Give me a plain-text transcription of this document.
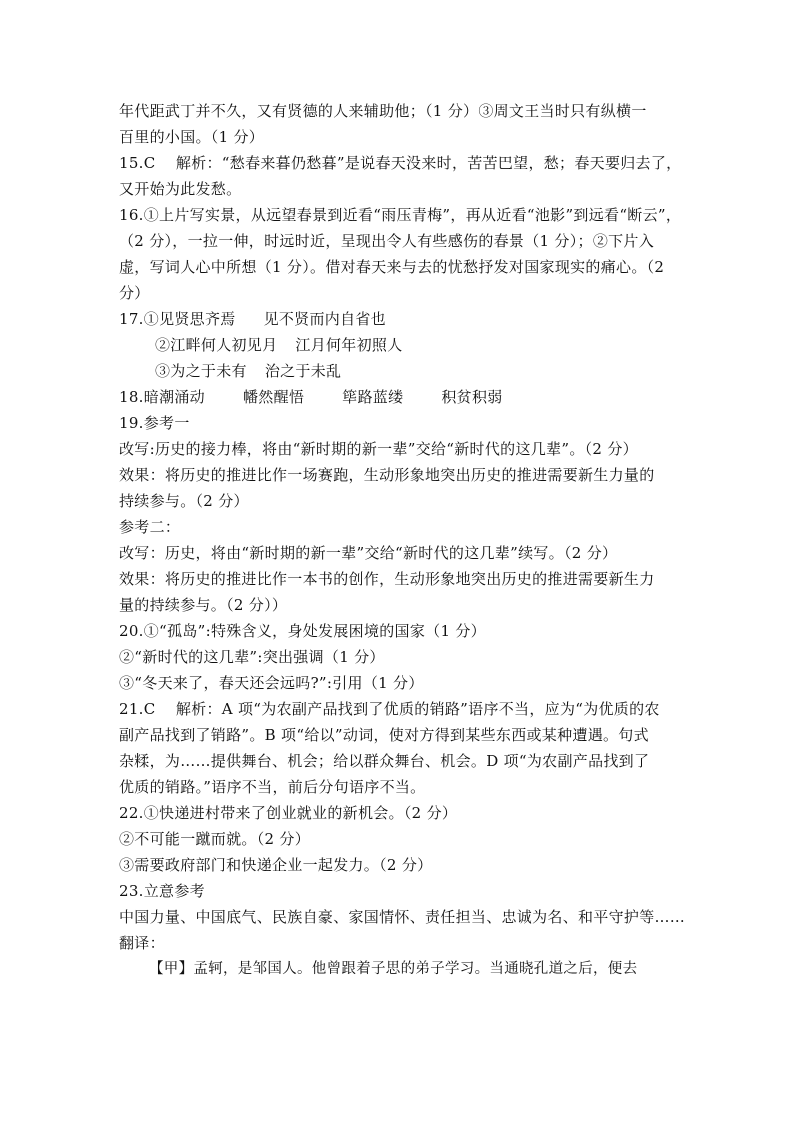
年代距武丁并不久，又有贤德的人来辅助他；（1 分）③周文王当时只有纵横一
百里的小国。（1 分）
15.C　 解析：“愁春来暮仍愁暮”是说春天没来时，苦苦巴望，愁；春天要归去了，
又开始为此发愁。
16.①上片写实景，从远望春景到近看“雨压青梅”，再从近看“池影”到远看“断云”，
（2 分），一拉一伸，时远时近，呈现出令人有些感伤的春景（1 分）；②下片入
虚，写词人心中所想（1 分）。借对春天来与去的忧愁抒发对国家现实的痛心。（2
分）
17. ①见贤思齐焉 见不贤而内自省也
②江畔何人初见月 江月何年初照人
③为之于未有 治之于未乱
18. 暗潮涌动	幡然醒悟	筚路蓝缕	积贫积弱
19.参考一
改写:历史的接力棒，将由“新时期的新一辈”交给“新时代的这几辈”。（2 分）
效果：将历史的推进比作一场赛跑，生动形象地突出历史的推进需要新生力量的
持续参与。（2 分）
参考二：
改写：历史，将由“新时期的新一辈”交给“新时代的这几辈”续写。（2 分）
效果：将历史的推进比作一本书的创作，生动形象地突出历史的推进需要新生力
量的持续参与。（2 分））
20.①“孤岛”:特殊含义，身处发展困境的国家（1 分）
②“新时代的这几辈”:突出强调（1 分）
③“冬天来了，春天还会远吗?”:引用（1 分）
21.C　 解析：A 项“为农副产品找到了优质的销路”语序不当，应为“为优质的农
副产品找到了销路”。B 项“给以”动词，使对方得到某些东西或某种遭遇。句式
杂糅，为……提供舞台、机会；给以群众舞台、机会。D 项“为农副产品找到了
优质的销路。”语序不当，前后分句语序不当。
22.①快递进村带来了创业就业的新机会。（2 分）
②不可能一蹴而就。（2 分）
③需要政府部门和快递企业一起发力。（2 分）
23.立意参考
中国力量、中国底气、民族自豪、家国情怀、责任担当、忠诚为名、和平守护等……
翻译：
【甲】孟轲，是邹国人。他曾跟着子思的弟子学习。当通晓孔道之后，便去
